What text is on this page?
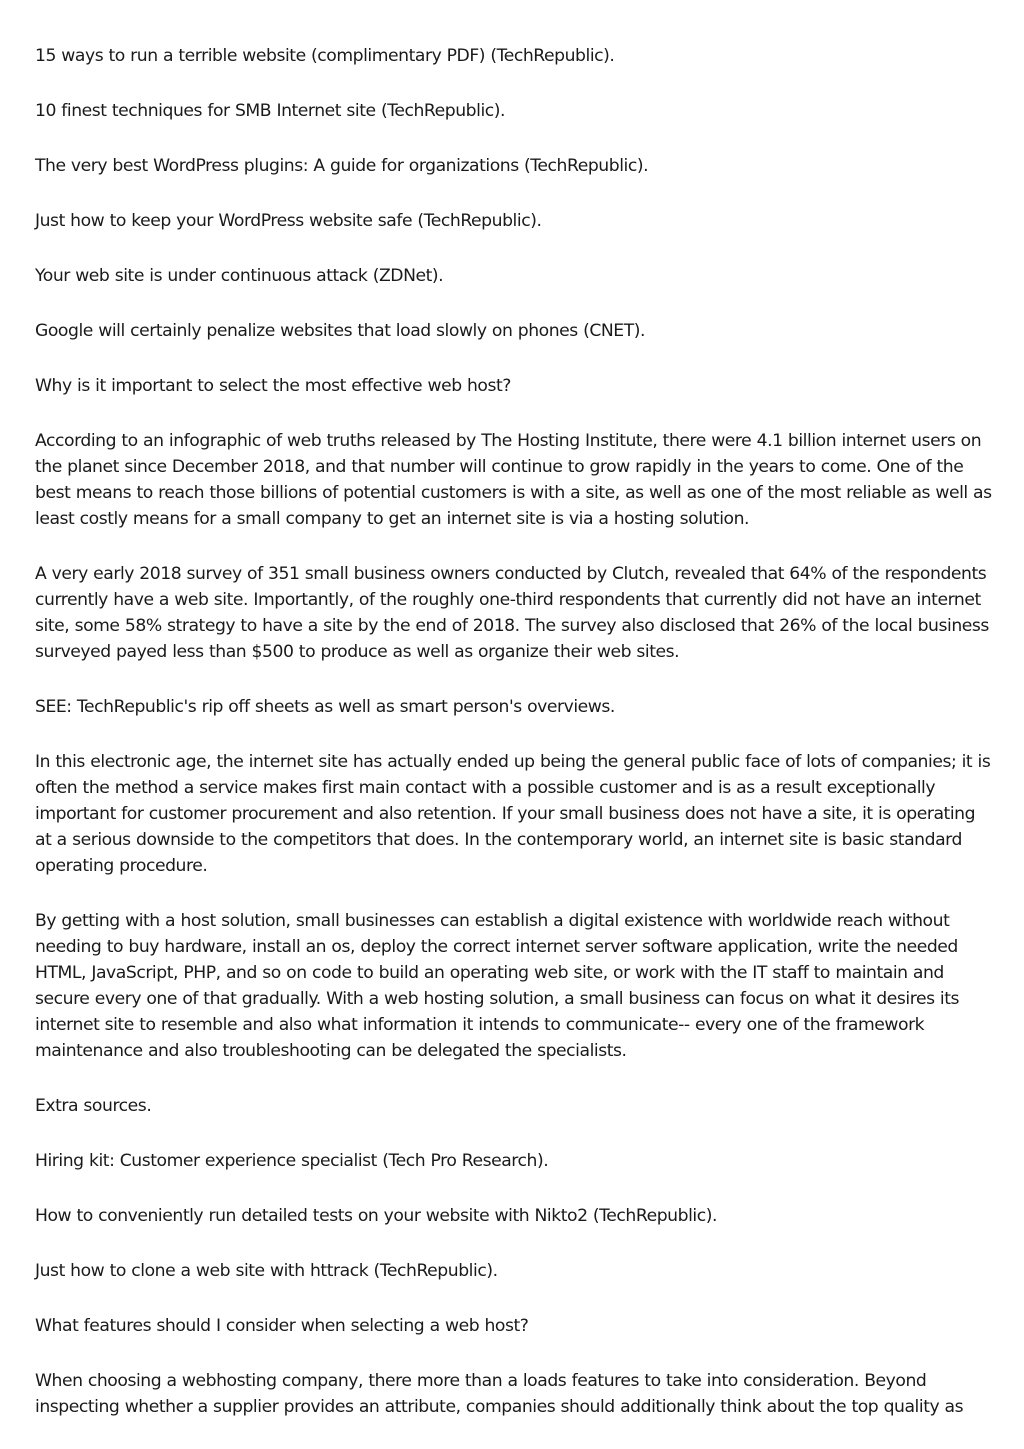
15 ways to run a terrible website (complimentary PDF) (TechRepublic).

10 finest techniques for SMB Internet site (TechRepublic).

The very best WordPress plugins: A guide for organizations (TechRepublic).

Just how to keep your WordPress website safe (TechRepublic).

Your web site is under continuous attack (ZDNet).

Google will certainly penalize websites that load slowly on phones (CNET).

Why is it important to select the most effective web host?

According to an infographic of web truths released by The Hosting Institute, there were 4.1 billion internet users on the planet since December 2018, and that number will continue to grow rapidly in the years to come. One of the best means to reach those billions of potential customers is with a site, as well as one of the most reliable as well as least costly means for a small company to get an internet site is via a hosting solution.

A very early 2018 survey of 351 small business owners conducted by Clutch, revealed that 64% of the respondents currently have a web site. Importantly, of the roughly one-third respondents that currently did not have an internet site, some 58% strategy to have a site by the end of 2018. The survey also disclosed that 26% of the local business surveyed payed less than $500 to produce as well as organize their web sites.

SEE: TechRepublic's rip off sheets as well as smart person's overviews.

In this electronic age, the internet site has actually ended up being the general public face of lots of companies; it is often the method a service makes first main contact with a possible customer and is as a result exceptionally important for customer procurement and also retention. If your small business does not have a site, it is operating at a serious downside to the competitors that does. In the contemporary world, an internet site is basic standard operating procedure.

By getting with a host solution, small businesses can establish a digital existence with worldwide reach without needing to buy hardware, install an os, deploy the correct internet server software application, write the needed HTML, JavaScript, PHP, and so on code to build an operating web site, or work with the IT staff to maintain and secure every one of that gradually. With a web hosting solution, a small business can focus on what it desires its internet site to resemble and also what information it intends to communicate-- every one of the framework maintenance and also troubleshooting can be delegated the specialists.

Extra sources.

Hiring kit: Customer experience specialist (Tech Pro Research).

How to conveniently run detailed tests on your website with Nikto2 (TechRepublic).

Just how to clone a web site with httrack (TechRepublic).

What features should I consider when selecting a web host?

When choosing a webhosting company, there more than a loads features to take into consideration. Beyond inspecting whether a supplier provides an attribute, companies should additionally think about the top quality as
